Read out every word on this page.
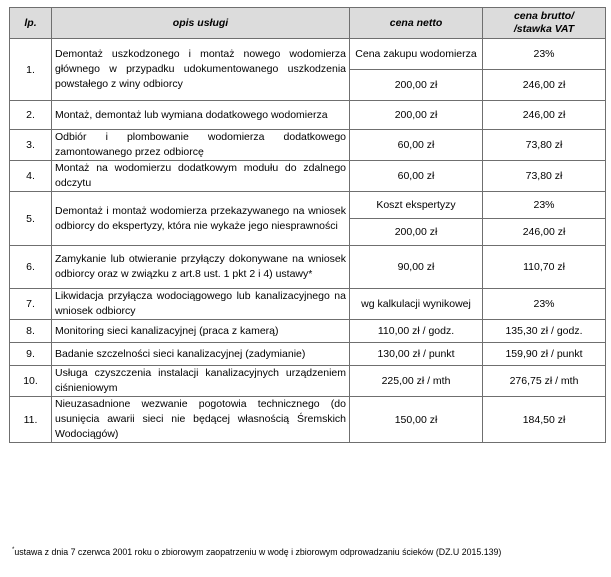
lp.	opis usługi	cena netto	cena brutto/
/stawka VAT
1.	Demontaż uszkodzonego i montaż nowego wodomierza głównego w przypadku udokumentowanego uszkodzenia powstałego z winy odbiorcy	Cena zakupu wodomierza	23%
		200,00 zł	246,00 zł
2.	Montaż, demontaż lub wymiana dodatkowego wodomierza	200,00 zł	246,00 zł
3.	Odbiór i plombowanie wodomierza dodatkowego zamontowanego przez odbiorcę	60,00 zł	73,80 zł
4.	Montaż na wodomierzu dodatkowym modułu do zdalnego odczytu	60,00 zł	73,80 zł
5.	Demontaż i montaż wodomierza przekazywanego na wniosek odbiorcy do ekspertyzy, która nie wykaże jego niesprawności	Koszt ekspertyzy	23%
		200,00 zł	246,00 zł
6.	Zamykanie lub otwieranie przyłączy dokonywane na wniosek odbiorcy oraz w związku z art.8 ust. 1 pkt 2 i 4) ustawy*	90,00 zł	110,70 zł
7.	Likwidacja przyłącza wodociągowego lub kanalizacyjnego na wniosek odbiorcy	wg kalkulacji wynikowej	23%
8.	Monitoring sieci kanalizacyjnej (praca z kamerą)	110,00 zł / godz.	135,30 zł / godz.
9.	Badanie szczelności sieci kanalizacyjnej (zadymianie)	130,00 zł / punkt	159,90 zł / punkt
10.	Usługa czyszczenia instalacji kanalizacyjnych urządzeniem ciśnieniowym	225,00 zł / mth	276,75 zł / mth
11.	Nieuzasadnione wezwanie pogotowia technicznego (do usunięcia awarii sieci nie będącej własnością Śremskich Wodociągów)	150,00 zł	184,50 zł
*ustawa z dnia 7 czerwca 2001 roku o zbiorowym zaopatrzeniu w wodę i zbiorowym odprowadzaniu ścieków (DZ.U 2015.139)
